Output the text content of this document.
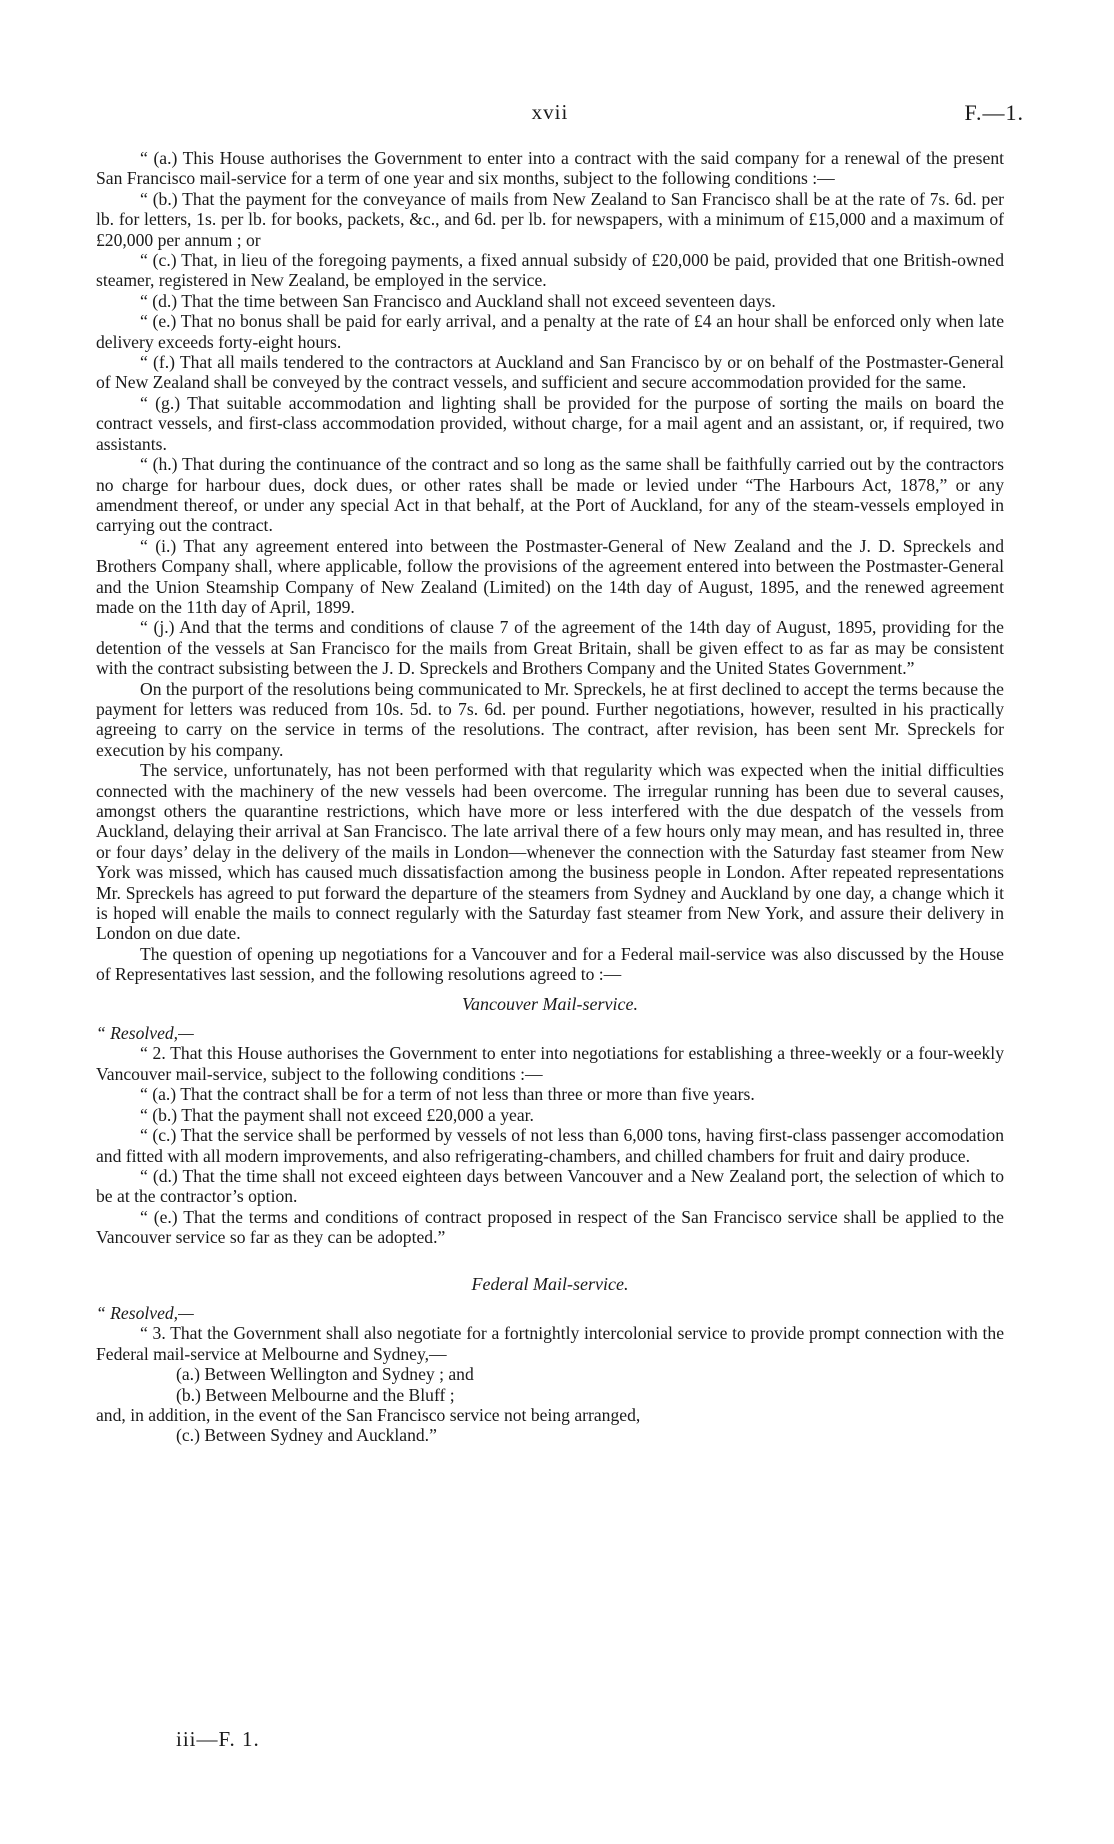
xvii	F.—1.

“ (a.) This House authorises the Government to enter into a contract with the said company for a renewal of the present San Francisco mail-service for a term of one year and six months, subject to the following conditions :—

“ (b.) That the payment for the conveyance of mails from New Zealand to San Francisco shall be at the rate of 7s. 6d. per lb. for letters, 1s. per lb. for books, packets, &c., and 6d. per lb. for newspapers, with a minimum of £15,000 and a maximum of £20,000 per annum ; or

“ (c.) That, in lieu of the foregoing payments, a fixed annual subsidy of £20,000 be paid, provided that one British-owned steamer, registered in New Zealand, be employed in the service.

“ (d.) That the time between San Francisco and Auckland shall not exceed seventeen days.

“ (e.) That no bonus shall be paid for early arrival, and a penalty at the rate of £4 an hour shall be enforced only when late delivery exceeds forty-eight hours.

“ (f.) That all mails tendered to the contractors at Auckland and San Francisco by or on behalf of the Postmaster-General of New Zealand shall be conveyed by the contract vessels, and sufficient and secure accommodation provided for the same.

“ (g.) That suitable accommodation and lighting shall be provided for the purpose of sorting the mails on board the contract vessels, and first-class accommodation provided, without charge, for a mail agent and an assistant, or, if required, two assistants.

“ (h.) That during the continuance of the contract and so long as the same shall be faithfully carried out by the contractors no charge for harbour dues, dock dues, or other rates shall be made or levied under “The Harbours Act, 1878,” or any amendment thereof, or under any special Act in that behalf, at the Port of Auckland, for any of the steam-vessels employed in carrying out the contract.

“ (i.) That any agreement entered into between the Postmaster-General of New Zealand and the J. D. Spreckels and Brothers Company shall, where applicable, follow the provisions of the agreement entered into between the Postmaster-General and the Union Steamship Company of New Zealand (Limited) on the 14th day of August, 1895, and the renewed agreement made on the 11th day of April, 1899.

“ (j.) And that the terms and conditions of clause 7 of the agreement of the 14th day of August, 1895, providing for the detention of the vessels at San Francisco for the mails from Great Britain, shall be given effect to as far as may be consistent with the contract subsisting between the J. D. Spreckels and Brothers Company and the United States Government.”

On the purport of the resolutions being communicated to Mr. Spreckels, he at first declined to accept the terms because the payment for letters was reduced from 10s. 5d. to 7s. 6d. per pound. Further negotiations, however, resulted in his practically agreeing to carry on the service in terms of the resolutions. The contract, after revision, has been sent Mr. Spreckels for execution by his company.

The service, unfortunately, has not been performed with that regularity which was expected when the initial difficulties connected with the machinery of the new vessels had been overcome. The irregular running has been due to several causes, amongst others the quarantine restrictions, which have more or less interfered with the due despatch of the vessels from Auckland, delaying their arrival at San Francisco. The late arrival there of a few hours only may mean, and has resulted in, three or four days’ delay in the delivery of the mails in London—whenever the connection with the Saturday fast steamer from New York was missed, which has caused much dissatisfaction among the business people in London. After repeated representations Mr. Spreckels has agreed to put forward the departure of the steamers from Sydney and Auckland by one day, a change which it is hoped will enable the mails to connect regularly with the Saturday fast steamer from New York, and assure their delivery in London on due date.

The question of opening up negotiations for a Vancouver and for a Federal mail-service was also discussed by the House of Representatives last session, and the following resolutions agreed to :—

Vancouver Mail-service.

“ Resolved,—

“ 2. That this House authorises the Government to enter into negotiations for establishing a three-weekly or a four-weekly Vancouver mail-service, subject to the following conditions :—

“ (a.) That the contract shall be for a term of not less than three or more than five years.

“ (b.) That the payment shall not exceed £20,000 a year.

“ (c.) That the service shall be performed by vessels of not less than 6,000 tons, having first-class passenger accomodation and fitted with all modern improvements, and also refrigerating-chambers, and chilled chambers for fruit and dairy produce.

“ (d.) That the time shall not exceed eighteen days between Vancouver and a New Zealand port, the selection of which to be at the contractor’s option.

“ (e.) That the terms and conditions of contract proposed in respect of the San Francisco service shall be applied to the Vancouver service so far as they can be adopted.”

Federal Mail-service.

“ Resolved,—

“ 3. That the Government shall also negotiate for a fortnightly intercolonial service to provide prompt connection with the Federal mail-service at Melbourne and Sydney,—

(a.) Between Wellington and Sydney ; and

(b.) Between Melbourne and the Bluff ;

and, in addition, in the event of the San Francisco service not being arranged,

(c.) Between Sydney and Auckland.”

iii—F. 1.
